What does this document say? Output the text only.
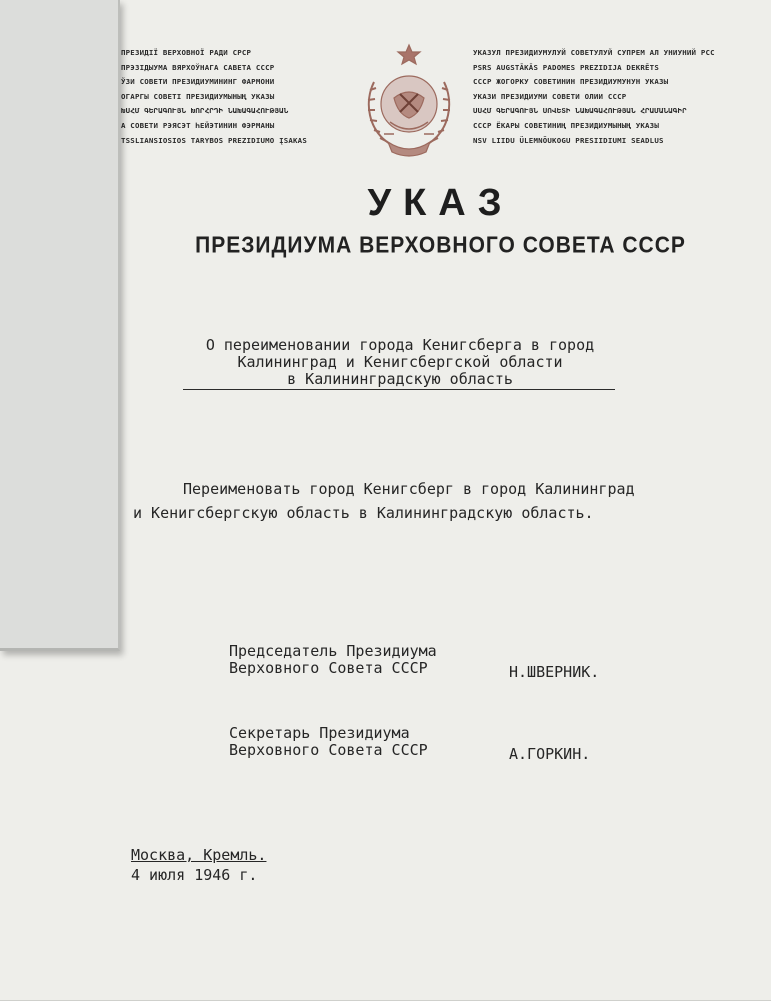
ПРЕЗИДІЇ ВЕРХОВНОЇ РАДИ СРСР
ПРЭЗІДЫУМА ВЯРХОЎНАГА САВЕТА СССР
ЎЗИ СОВЕТИ ПРЕЗИДИУМИНИНГ ФАРМОНИ
ОГАРГЫ СОВЕТІ ПРЕЗИДИУМЫНЫҢ УКАЗЫ
ԽՍՀՄ ԳԵՐԱԳՈՒՅՆ ԽՈՐՀՐԴԻ ՆԱԽԱԳԱՀՈՒԹՅԱՆ
А СОВЕТИ РЭЯСЭТ ҺЕЙЭТИНИН ФЭРМАНЫ
TSSLIANSIOSIOS TARYBOS PREZIDIUMO ĮSAKAS
УКАЗУЛ ПРЕЗИДИУМУЛУЙ СОВЕТУЛУЙ СУПРЕМ АЛ УНИУНИЙ РСС
PSRS AUGSTĀKĀS PADOMES PREZIDIJA DEKRĒTS
СССР ЖОГОРКУ СОВЕТИНИН ПРЕЗИДИУМУНУН УКАЗЫ
УКАЗИ ПРЕЗИДИУМИ СОВЕТИ ОЛИИ СССР
ՍՍՀՄ ԳԵՐԱԳՈՒՅՆ ՍՈՎԵՏԻ ՆԱԽԱԳԱՀՈՒԹՅԱՆ ՀՐԱՄԱՆԱԳԻՐ
СССР ЁКАРЫ СОВЕТИНИҢ ПРЕЗИДИУМЫНЫҢ УКАЗЫ
NSV LIIDU ÜLEMNÕUKOGU PRESIIDIUMI SEADLUS
УКАЗ
ПРЕЗИДИУМА ВЕРХОВНОГО СОВЕТА СССР
О переименовании города Кенигсберга в город
Калининград и Кенигсбергской области
в Калининградскую область
Переименовать город Кенигсберг в город Калининград
и Кенигсбергскую область в Калининградскую область.
Председатель Президиума
Верховного Совета СССР	Н.ШВЕРНИК.
Секретарь Президиума
Верховного Совета СССР	А.ГОРКИН.
Москва, Кремль.
4 июля 1946 г.
